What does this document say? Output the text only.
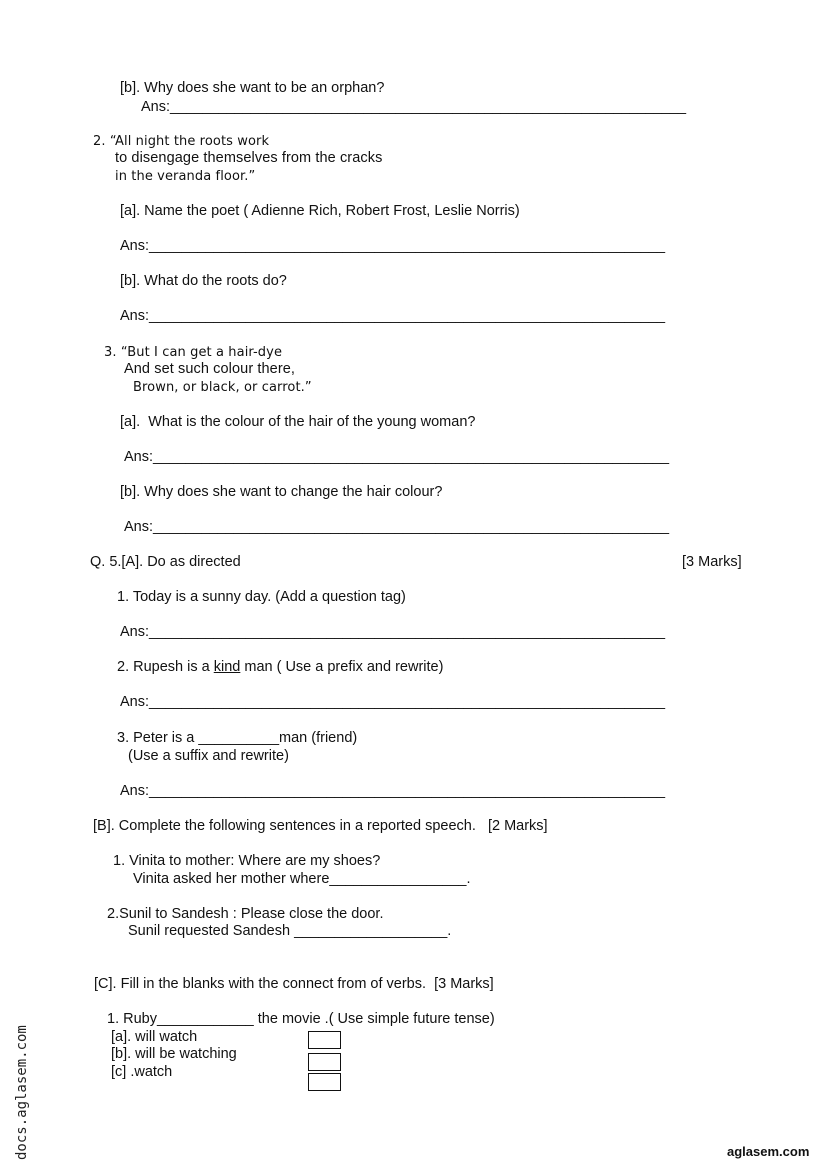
[b]. Why does she want to be an orphan?
Ans:________________________________________________________________
2. “All night the roots work
to disengage themselves from the cracks
in the veranda floor.”
[a]. Name the poet ( Adienne Rich, Robert Frost, Leslie Norris)
Ans:________________________________________________________________
[b]. What do the roots do?
Ans:________________________________________________________________
3. “But I can get a hair-dye
And set such colour there,
Brown, or black, or carrot.”
[a].  What is the colour of the hair of the young woman?
Ans:________________________________________________________________
[b]. Why does she want to change the hair colour?
Ans:________________________________________________________________
Q. 5.[A]. Do as directed	[3 Marks]
1. Today is a sunny day. (Add a question tag)
Ans:________________________________________________________________
2. Rupesh is a kind man ( Use a prefix and rewrite)
Ans:________________________________________________________________
3. Peter is a __________man (friend)
(Use a suffix and rewrite)
Ans:________________________________________________________________
[B]. Complete the following sentences in a reported speech.   [2 Marks]
1. Vinita to mother: Where are my shoes?
Vinita asked her mother where_________________.
2.Sunil to Sandesh : Please close the door.
Sunil requested Sandesh ___________________.
[C]. Fill in the blanks with the connect from of verbs.  [3 Marks]
1. Ruby____________ the movie .( Use simple future tense)
[a]. will watch
[b]. will be watching
[c] .watch
docs.aglasem.com	aglasem.com
